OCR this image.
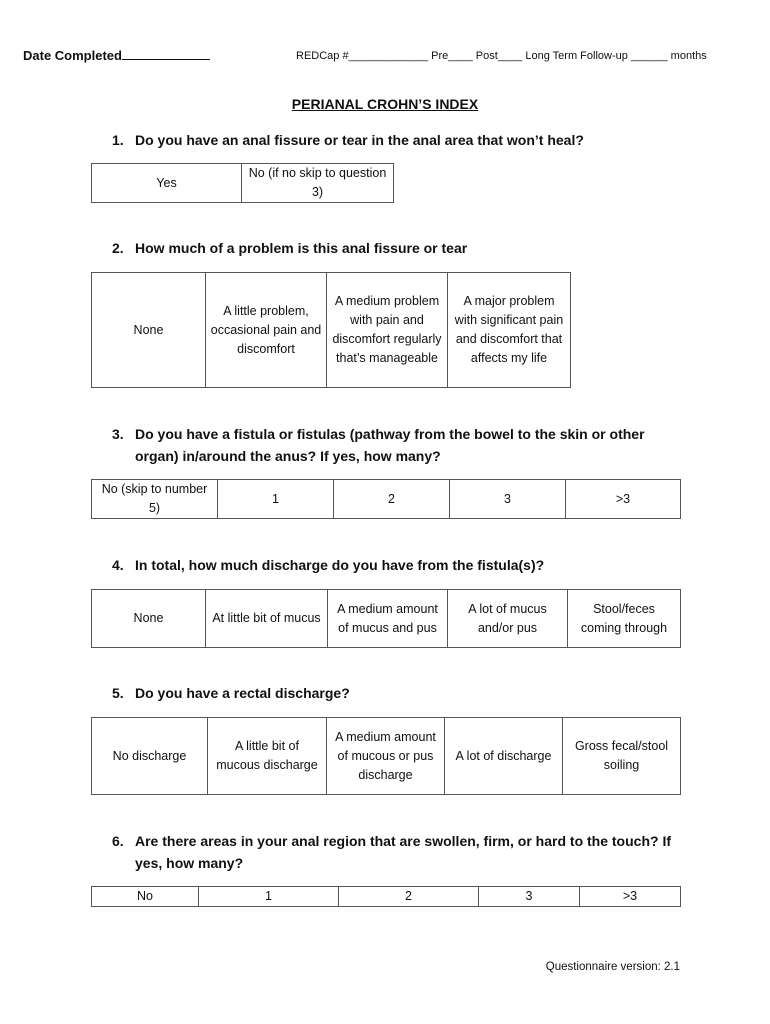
Date Completed	REDCap #_____________ Pre____ Post____ Long Term Follow-up ______ months
PERIANAL CROHN’S INDEX
1. Do you have an anal fissure or tear in the anal area that won’t heal?
Yes	No (if no skip to question 3)
2. How much of a problem is this anal fissure or tear
None	A little problem, occasional pain and discomfort	A medium problem with pain and discomfort regularly that’s manageable	A major problem with significant pain and discomfort that affects my life
3. Do you have a fistula or fistulas (pathway from the bowel to the skin or other organ) in/around the anus? If yes, how many?
No (skip to number 5)	1	2	3	>3
4. In total, how much discharge do you have from the fistula(s)?
None	At little bit of mucus	A medium amount of mucus and pus	A lot of mucus and/or pus	Stool/feces coming through
5. Do you have a rectal discharge?
No discharge	A little bit of mucous discharge	A medium amount of mucous or pus discharge	A lot of discharge	Gross fecal/stool soiling
6. Are there areas in your anal region that are swollen, firm, or hard to the touch? If yes, how many?
No	1	2	3	>3
Questionnaire version: 2.1
